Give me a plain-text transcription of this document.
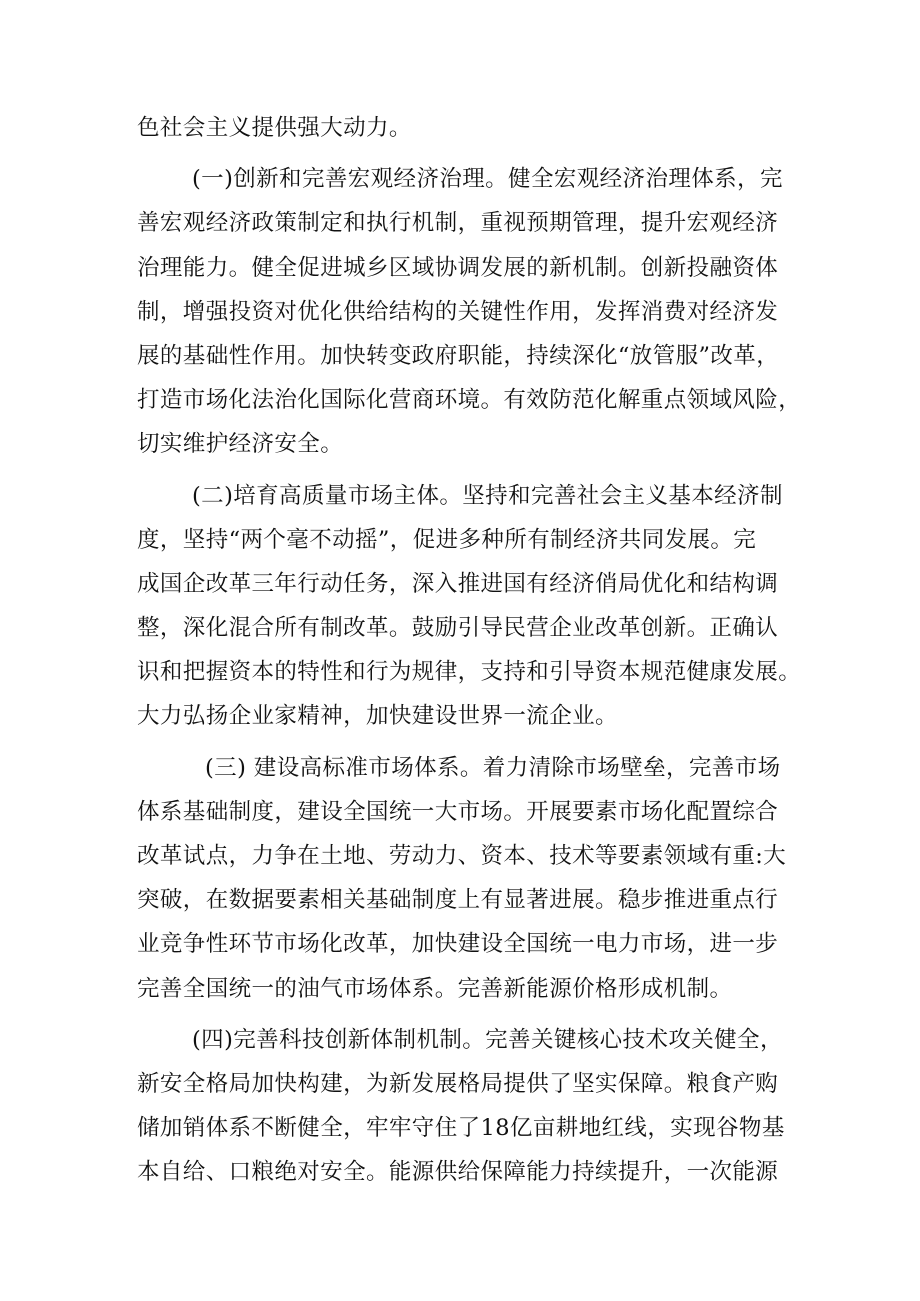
色社会主义提供强大动力。
(一)创新和完善宏观经济治理。健全宏观经济治理体系，完
善宏观经济政策制定和执行机制，重视预期管理，提升宏观经济
治理能力。健全促进城乡区域协调发展的新机制。创新投融资体
制，增强投资对优化供给结构的关键性作用，发挥消费对经济发
展的基础性作用。加快转变政府职能，持续深化“放管服”改革，
打造市场化法治化国际化营商环境。有效防范化解重点领域风险，
切实维护经济安全。
(二)培育高质量市场主体。坚持和完善社会主义基本经济制
度，坚持“两个毫不动摇”，促进多种所有制经济共同发展。完
成国企改革三年行动任务，深入推进国有经济俏局优化和结构调
整，深化混合所有制改革。鼓励引导民营企业改革创新。正确认
识和把握资本的特性和行为规律，支持和引导资本规范健康发展。
大力弘扬企业家精神，加快建设世界一流企业。
(三) 建设高标准市场体系。着力清除市场壁垒，完善市场
体系基础制度，建设全国统一大市场。开展要素市场化配置综合
改革试点，力争在土地、劳动力、资本、技术等要素领域有重:大
突破，在数据要素相关基础制度上有显著进展。稳步推进重点行
业竞争性环节市场化改革，加快建设全国统一电力市场，进一步
完善全国统一的油气市场体系。完善新能源价格形成机制。
(四)完善科技创新体制机制。完善关键核心技术攻关健全，
新安全格局加快构建，为新发展格局提供了坚实保障。粮食产购
储加销体系不断健全，牢牢守住了18亿亩耕地红线，实现谷物基
本自给、口粮绝对安全。能源供给保障能力持续提升，一次能源
